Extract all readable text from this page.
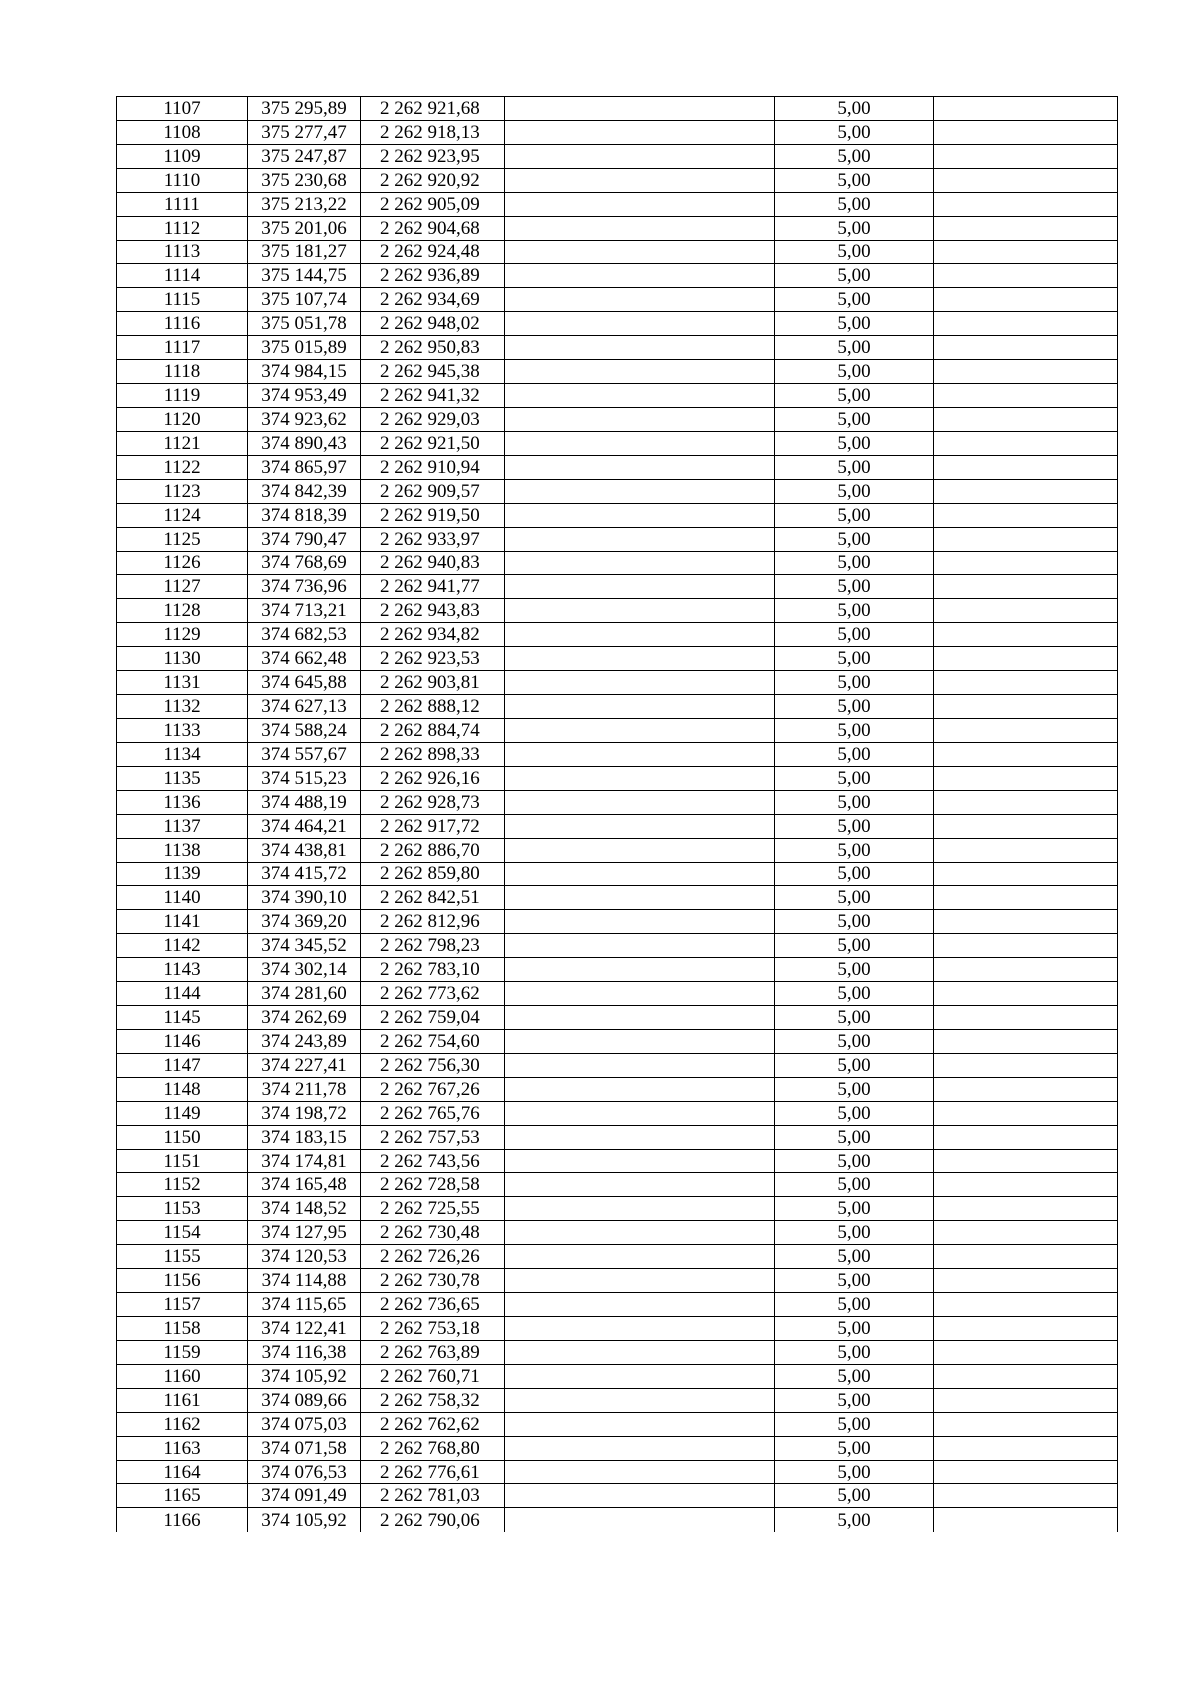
1107	375 295,89	2 262 921,68		5,00	
1108	375 277,47	2 262 918,13		5,00	
1109	375 247,87	2 262 923,95		5,00	
1110	375 230,68	2 262 920,92		5,00	
1111	375 213,22	2 262 905,09		5,00	
1112	375 201,06	2 262 904,68		5,00	
1113	375 181,27	2 262 924,48		5,00	
1114	375 144,75	2 262 936,89		5,00	
1115	375 107,74	2 262 934,69		5,00	
1116	375 051,78	2 262 948,02		5,00	
1117	375 015,89	2 262 950,83		5,00	
1118	374 984,15	2 262 945,38		5,00	
1119	374 953,49	2 262 941,32		5,00	
1120	374 923,62	2 262 929,03		5,00	
1121	374 890,43	2 262 921,50		5,00	
1122	374 865,97	2 262 910,94		5,00	
1123	374 842,39	2 262 909,57		5,00	
1124	374 818,39	2 262 919,50		5,00	
1125	374 790,47	2 262 933,97		5,00	
1126	374 768,69	2 262 940,83		5,00	
1127	374 736,96	2 262 941,77		5,00	
1128	374 713,21	2 262 943,83		5,00	
1129	374 682,53	2 262 934,82		5,00	
1130	374 662,48	2 262 923,53		5,00	
1131	374 645,88	2 262 903,81		5,00	
1132	374 627,13	2 262 888,12		5,00	
1133	374 588,24	2 262 884,74		5,00	
1134	374 557,67	2 262 898,33		5,00	
1135	374 515,23	2 262 926,16		5,00	
1136	374 488,19	2 262 928,73		5,00	
1137	374 464,21	2 262 917,72		5,00	
1138	374 438,81	2 262 886,70		5,00	
1139	374 415,72	2 262 859,80		5,00	
1140	374 390,10	2 262 842,51		5,00	
1141	374 369,20	2 262 812,96		5,00	
1142	374 345,52	2 262 798,23		5,00	
1143	374 302,14	2 262 783,10		5,00	
1144	374 281,60	2 262 773,62		5,00	
1145	374 262,69	2 262 759,04		5,00	
1146	374 243,89	2 262 754,60		5,00	
1147	374 227,41	2 262 756,30		5,00	
1148	374 211,78	2 262 767,26		5,00	
1149	374 198,72	2 262 765,76		5,00	
1150	374 183,15	2 262 757,53		5,00	
1151	374 174,81	2 262 743,56		5,00	
1152	374 165,48	2 262 728,58		5,00	
1153	374 148,52	2 262 725,55		5,00	
1154	374 127,95	2 262 730,48		5,00	
1155	374 120,53	2 262 726,26		5,00	
1156	374 114,88	2 262 730,78		5,00	
1157	374 115,65	2 262 736,65		5,00	
1158	374 122,41	2 262 753,18		5,00	
1159	374 116,38	2 262 763,89		5,00	
1160	374 105,92	2 262 760,71		5,00	
1161	374 089,66	2 262 758,32		5,00	
1162	374 075,03	2 262 762,62		5,00	
1163	374 071,58	2 262 768,80		5,00	
1164	374 076,53	2 262 776,61		5,00	
1165	374 091,49	2 262 781,03		5,00	
1166	374 105,92	2 262 790,06		5,00	
